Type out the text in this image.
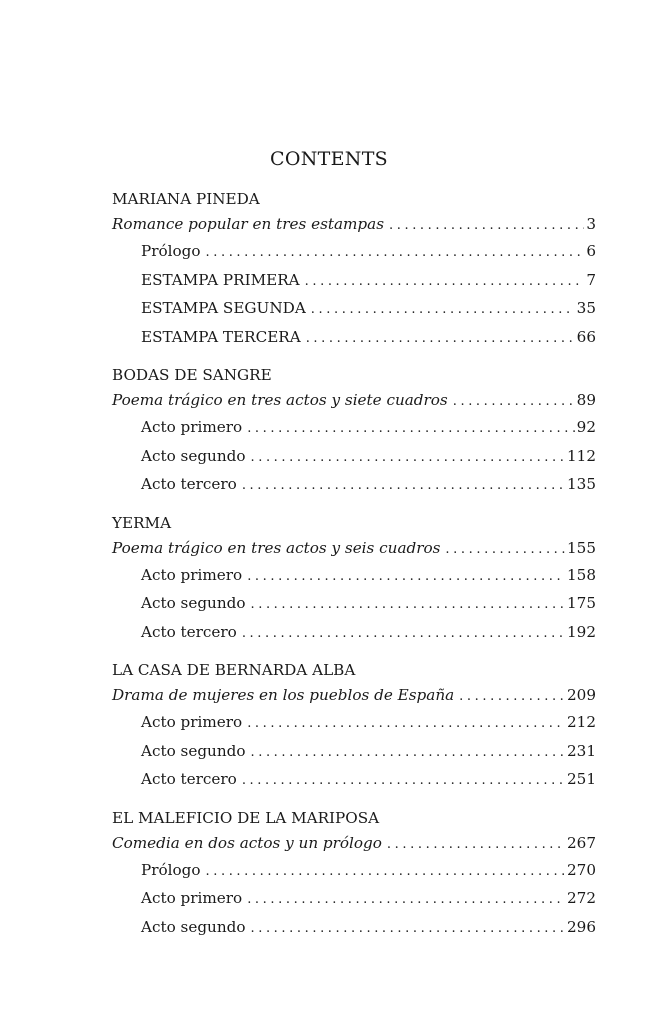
CONTENTS
MARIANA PINEDA
Romance popular en tres estampas .....	3
Prólogo .....	6
ESTAMPA PRIMERA .....	7
ESTAMPA SEGUNDA .....	35
ESTAMPA TERCERA .....	66
BODAS DE SANGRE
Poema trágico en tres actos y siete cuadros .....	89
Acto primero .....	92
Acto segundo .....	112
Acto tercero .....	135
YERMA
Poema trágico en tres actos y seis cuadros .....	155
Acto primero .....	158
Acto segundo .....	175
Acto tercero .....	192
LA CASA DE BERNARDA ALBA
Drama de mujeres en los pueblos de España .....	209
Acto primero .....	212
Acto segundo .....	231
Acto tercero .....	251
EL MALEFICIO DE LA MARIPOSA
Comedia en dos actos y un prólogo .....	267
Prólogo .....	270
Acto primero .....	272
Acto segundo .....	296
